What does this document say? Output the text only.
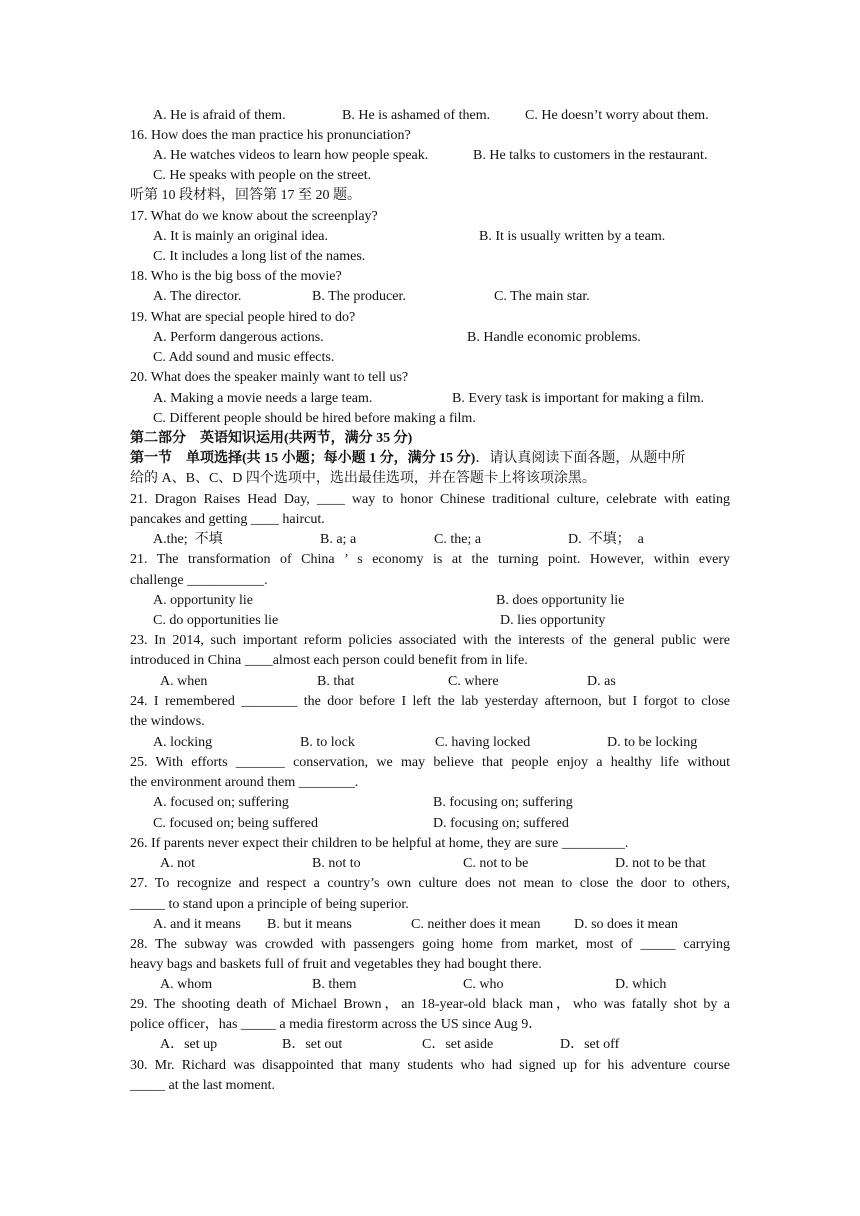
A. He is afraid of them.

	B. He is ashamed of them.

C. He doesn’t worry about them.

16. How does the man practice his pronunciation?

A. He watches videos to learn how people speak.

	B. He talks to customers in the restaurant.

C. He speaks with people on the street.
听第 10 段材料，回答第 17 至 20 题。
17. What do we know about the screenplay?

A. It is mainly an original idea.

	B. It is usually written by a team.

C. It includes a long list of the names.
18. Who is the big boss of the movie?

A. The director.

	B. The producer.

	C. The main star.

19. What are special people hired to do?

A. Perform dangerous actions.

	B. Handle economic problems.

C. Add sound and music effects.
20. What does the speaker mainly want to tell us?

A. Making a movie needs a large team.

	B. Every task is important for making a film.

C. Different people should be hired before making a film.
第二部分　英语知识运用(共两节，满分 35 分)
第一节　单项选择(共 15 小题；每小题 1 分，满分 15 分)．请认真阅读下面各题，从题中所
给的 A、B、C、D 四个选项中，选出最佳选项，并在答题卡上将该项涂黑。
21. Dragon Raises Head Day, ____ way to honor Chinese traditional culture, celebrate with eating
pancakes and getting ____ haircut.

A.the;  不填

	B. a; a

	C. the; a

	D.  不填；  a

21. The transformation of China ’ s economy is at the turning point. However, within every
challenge ___________.

A. opportunity lie

	B. does opportunity lie

C. do opportunities lie

	D. lies opportunity

23. In 2014, such important reform policies associated with the interests of the general public were
introduced in China ____almost each person could benefit from in life.

A. when

	B. that

	C. where

	D. as

24. I remembered ________ the door before I left the lab yesterday afternoon, but I forgot to close
the windows.

A. locking

	B. to lock

	C. having locked

	D. to be locking

25. With efforts _______ conservation, we may believe that people enjoy a healthy life without
the environment around them ________.

A. focused on; suffering

	B. focusing on; suffering

C. focused on; being suffered

	D. focusing on; suffered

26. If parents never expect their children to be helpful at home, they are sure _________.

A. not

	B. not to

	C. not to be

	D. not to be that

27. To recognize and respect a country’s own culture does not mean to close the door to others,
_____ to stand upon a principle of being superior.

A. and it means

B. but it means

	C. neither does it mean

D. so does it mean

28. The subway was crowded with passengers going home from market, most of _____ carrying
heavy bags and baskets full of fruit and vegetables they had bought there.

A. whom

	B. them

	C. who

	D. which

29. The shooting death of Michael Brown，an 18-year-old black man，who was fatally shot by a
police officer，has _____ a media firestorm across the US since Aug 9．

A．set up

	B．set out

	C．set aside

	D．set off

30. Mr. Richard was disappointed that many students who had signed up for his adventure course
_____ at the last moment.
